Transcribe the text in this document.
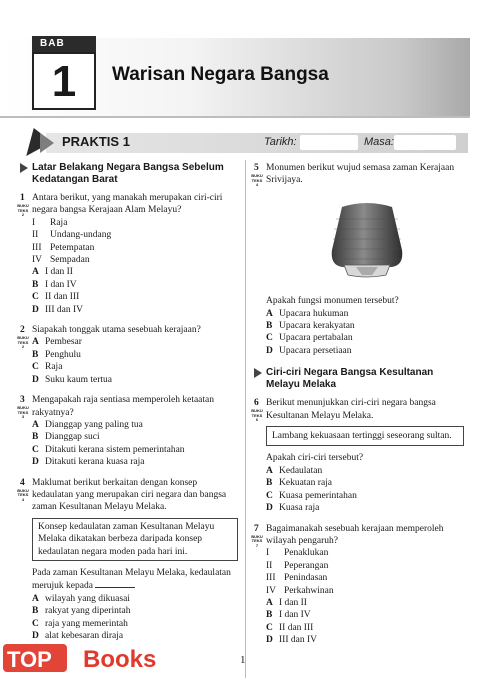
BAB
1	Warisan Negara Bangsa
PRAKTIS 1	Tarikh:	Masa:
Latar Belakang Negara Bangsa Sebelum Kedatangan Barat
1
BUKU TEKS
2
Antara berikut, yang manakah merupakan ciri-ciri negara bangsa Kerajaan Alam Melayu?
I	Raja
II	Undang-undang
III Petempatan
IV Sempadan
A I dan II
B I dan IV
C II dan III
D III dan IV
2
BUKU TEKS
2
Siapakah tonggak utama sesebuah kerajaan?
A Pembesar
B Penghulu
C Raja
D Suku kaum tertua
3
BUKU TEKS
3
Mengapakah raja sentiasa memperoleh ketaatan rakyatnya?
A Dianggap yang paling tua
B Dianggap suci
C Ditakuti kerana sistem pemerintahan
D Ditakuti kerana kuasa raja
4
BUKU TEKS
4
Maklumat berikut berkaitan dengan konsep kedaulatan yang merupakan ciri negara dan bangsa zaman Kesultanan Melayu Melaka.
Konsep kedaulatan zaman Kesultanan Melayu Melaka dikatakan berbeza daripada konsep kedaulatan negara moden pada hari ini.
Pada zaman Kesultanan Melayu Melaka, kedaulatan merujuk kepada
A wilayah yang dikuasai
B rakyat yang diperintah
C raja yang memerintah
D alat kebesaran diraja
5
BUKU TEKS
4
Monumen berikut wujud semasa zaman Kerajaan Srivijaya.
Apakah fungsi monumen tersebut?
A Upacara hukuman
B Upacara kerakyatan
C Upacara pertabalan
D Upacara persetiaan
Ciri-ciri Negara Bangsa Kesultanan Melayu Melaka
6
BUKU TEKS
6
Berikut menunjukkan ciri-ciri negara bangsa Kesultanan Melayu Melaka.
Lambang kekuasaan tertinggi seseorang sultan.
Apakah ciri-ciri tersebut?
A Kedaulatan
B Kekuatan raja
C Kuasa pemerintahan
D Kuasa raja
7
BUKU TEKS
7
Bagaimanakah sesebuah kerajaan memperoleh wilayah pengaruh?
I	Penaklukan
II	Peperangan
III Penindasan
IV Perkahwinan
A I dan II
B I dan IV
C II dan III
D III dan IV
1
TOP Books
